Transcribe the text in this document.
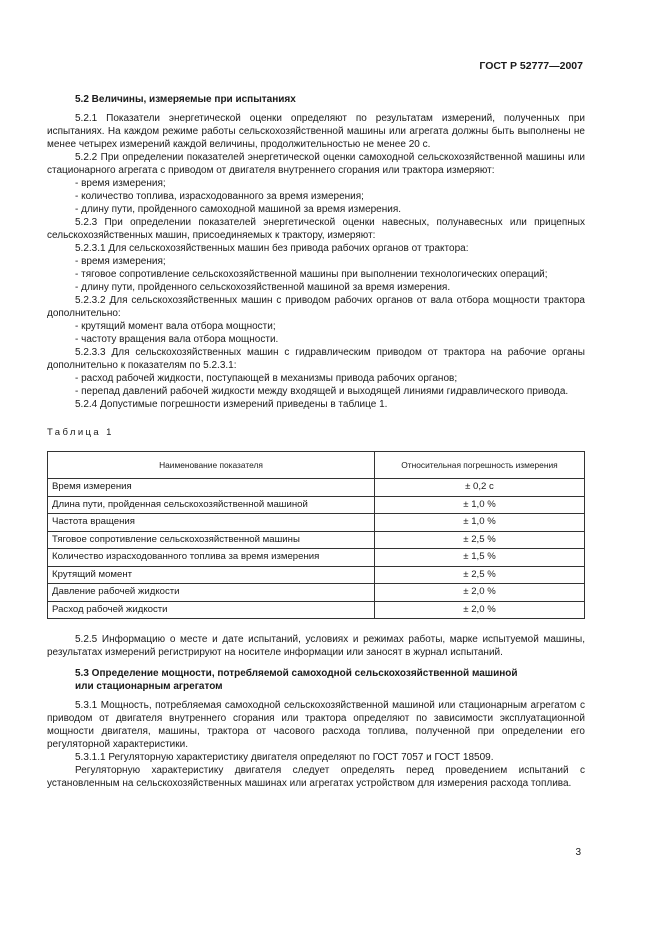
ГОСТ Р 52777—2007
5.2 Величины, измеряемые при испытаниях

5.2.1 Показатели энергетической оценки определяют по результатам измерений, полученных при испытаниях. На каждом режиме работы сельскохозяйственной машины или агрегата должны быть выполнены не менее четырех измерений каждой величины, продолжительностью не менее 20 с.

5.2.2 При определении показателей энергетической оценки самоходной сельскохозяйственной машины или стационарного агрегата с приводом от двигателя внутреннего сгорания или трактора измеряют:

- время измерения;

- количество топлива, израсходованного за время измерения;

- длину пути, пройденного самоходной машиной за время измерения.

5.2.3 При определении показателей энергетической оценки навесных, полунавесных или прицепных сельскохозяйственных машин, присоединяемых к трактору, измеряют:

5.2.3.1 Для сельскохозяйственных машин без привода рабочих органов от трактора:

- время измерения;

- тяговое сопротивление сельскохозяйственной машины при выполнении технологических операций;

- длину пути, пройденного сельскохозяйственной машиной за время измерения.

5.2.3.2 Для сельскохозяйственных машин с приводом рабочих органов от вала отбора мощности трактора дополнительно:

- крутящий момент вала отбора мощности;

- частоту вращения вала отбора мощности.

5.2.3.3 Для сельскохозяйственных машин с гидравлическим приводом от трактора на рабочие органы дополнительно к показателям по 5.2.3.1:

- расход рабочей жидкости, поступающей в механизмы привода рабочих органов;

- перепад давлений рабочей жидкости между входящей и выходящей линиями гидравлического привода.

5.2.4 Допустимые погрешности измерений приведены в таблице 1.

Таблица 1
Наименование показателя	Относительная погрешность измерения
Время измерения	± 0,2 с
Длина пути, пройденная сельскохозяйственной машиной	± 1,0 %
Частота вращения	± 1,0 %
Тяговое сопротивление сельскохозяйственной машины	± 2,5 %
Количество израсходованного топлива за время измерения	± 1,5 %
Крутящий момент	± 2,5 %
Давление рабочей жидкости	± 2,0 %
Расход рабочей жидкости	± 2,0 %

5.2.5 Информацию о месте и дате испытаний, условиях и режимах работы, марке испытуемой машины, результатах измерений регистрируют на носителе информации или заносят в журнал испытаний.

5.3 Определение мощности, потребляемой самоходной сельскохозяйственной машиной
или стационарным агрегатом

5.3.1 Мощность, потребляемая самоходной сельскохозяйственной машиной или стационарным агрегатом с приводом от двигателя внутреннего сгорания или трактора определяют по зависимости эксплуатационной мощности двигателя, машины, трактора от часового расхода топлива, полученной при определении его регуляторной характеристики.

5.3.1.1 Регуляторную характеристику двигателя определяют по ГОСТ 7057 и ГОСТ 18509.

Регуляторную характеристику двигателя следует определять перед проведением испытаний с установленным на сельскохозяйственных машинах или агрегатах устройством для измерения расхода топлива.

3
